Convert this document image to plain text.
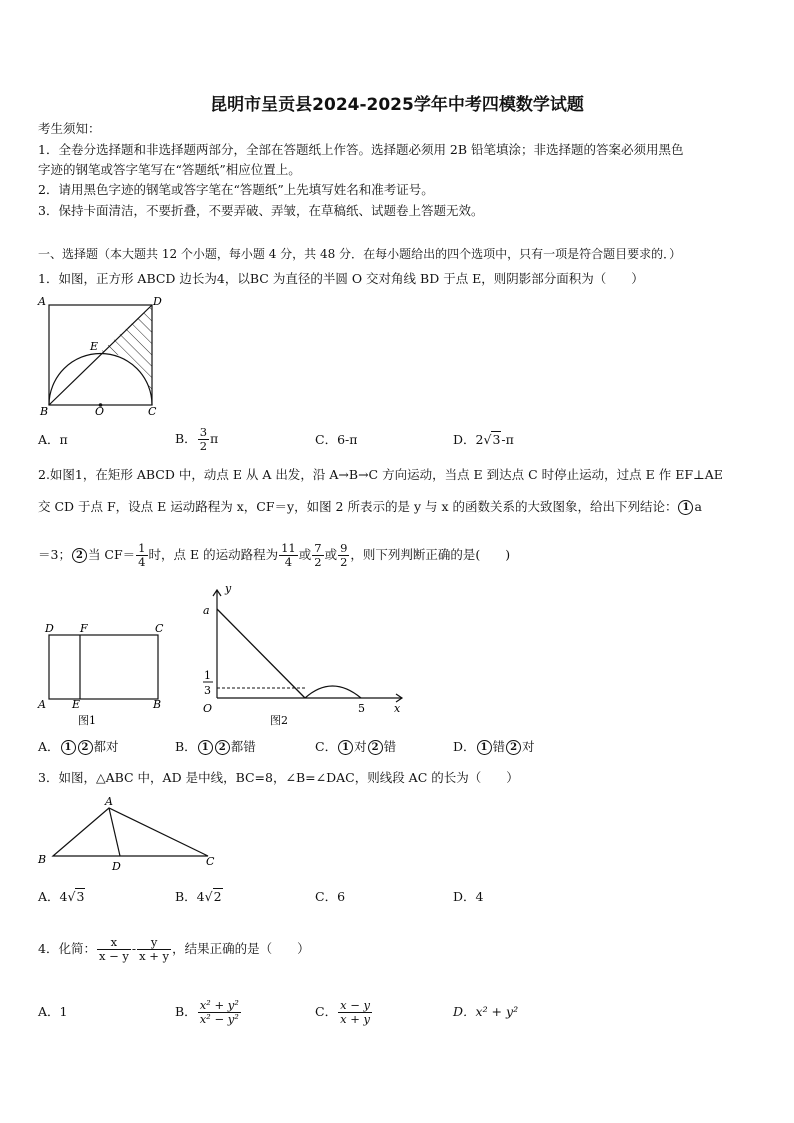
昆明市呈贡县2024-2025学年中考四模数学试题
考生须知：
1．全卷分选择题和非选择题两部分，全部在答题纸上作答。选择题必须用 2B 铅笔填涂；非选择题的答案必须用黑色
字迹的钢笔或答字笔写在“答题纸”相应位置上。
2．请用黑色字迹的钢笔或答字笔在“答题纸”上先填写姓名和准考证号。
3．保持卡面清洁，不要折叠，不要弄破、弄皱，在草稿纸、试题卷上答题无效。
一、选择题（本大题共 12 个小题，每小题 4 分，共 48 分．在每小题给出的四个选项中，只有一项是符合题目要求的．）
1．如图，正方形 ABCD 边长为4，以BC 为直径的半圆 O 交对角线 BD 于点 E，则阴影部分面积为（　　）
A	D
E
B	O	C
A．π	B． $\frac{3}{2}$ π	C．6-π	D．2√3-π
2.如图1，在矩形 ABCD 中，动点 E 从 A 出发，沿 A→B→C 方向运动，当点 E 到达点 C 时停止运动，过点 E 作 EF⊥AE
交 CD 于点 F，设点 E 运动路程为 x，CF＝y，如图 2 所表示的是 y 与 x 的函数关系的大致图象，给出下列结论： 1 a
＝3； 2 当 $CF= \frac{1}{4}$ 时，点 E 的运动路程为 $\frac{11}{4}$ 或 $\frac{7}{2}$ 或 $\frac{9}{2}$ ，则下列判断正确的是(　　)
D F	C
A E	B
图1
y
a
1
3
O	5	x
图2
A． 1 2 都对	B． 1 2 都错	C． 1 对 2 错	D． 1 错 2 对
3．如图，△ABC 中，AD 是中线，BC=8，∠B=∠DAC，则线段 AC 的长为（　　）
A
B	C
D
A．4√3	B．4√2	C．6	D．4
4．化简： $\frac{x}{x - y} - \frac{y}{x + y}$ ，结果正确的是（　　）
A．1	B． $\frac{\text{x² + y²}}{\text{x² − y²}}$	C． $\frac{x - y}{x + y}$	D．x² + y²
